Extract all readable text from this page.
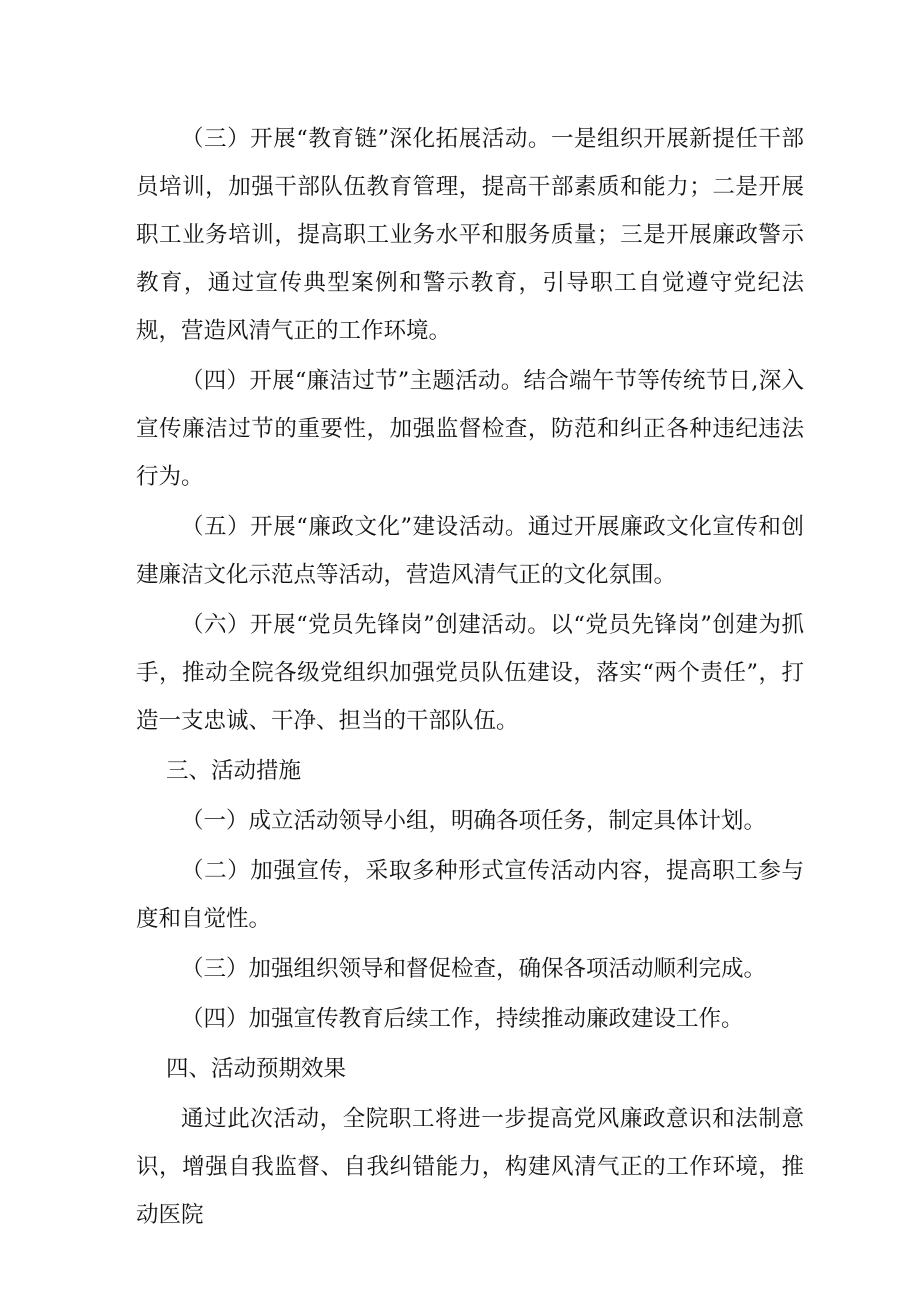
（三）开展“教育链”深化拓展活动。一是组织开展新提任干部员培训，加强干部队伍教育管理，提高干部素质和能力；二是开展职工业务培训，提高职工业务水平和服务质量；三是开展廉政警示教育，通过宣传典型案例和警示教育，引导职工自觉遵守党纪法规，营造风清气正的工作环境。

（四）开展“廉洁过节”主题活动。结合端午节等传统节日,深入宣传廉洁过节的重要性，加强监督检查，防范和纠正各种违纪违法行为。

（五）开展“廉政文化”建设活动。通过开展廉政文化宣传和创建廉洁文化示范点等活动，营造风清气正的文化氛围。

（六）开展“党员先锋岗”创建活动。以“党员先锋岗”创建为抓手，推动全院各级党组织加强党员队伍建设，落实“两个责任”，打造一支忠诚、干净、担当的干部队伍。

三、活动措施

（一）成立活动领导小组，明确各项任务，制定具体计划。

（二）加强宣传，采取多种形式宣传活动内容，提高职工参与度和自觉性。

（三）加强组织领导和督促检查，确保各项活动顺利完成。

（四）加强宣传教育后续工作，持续推动廉政建设工作。

四、活动预期效果

通过此次活动，全院职工将进一步提高党风廉政意识和法制意识，增强自我监督、自我纠错能力，构建风清气正的工作环境，推动医院
